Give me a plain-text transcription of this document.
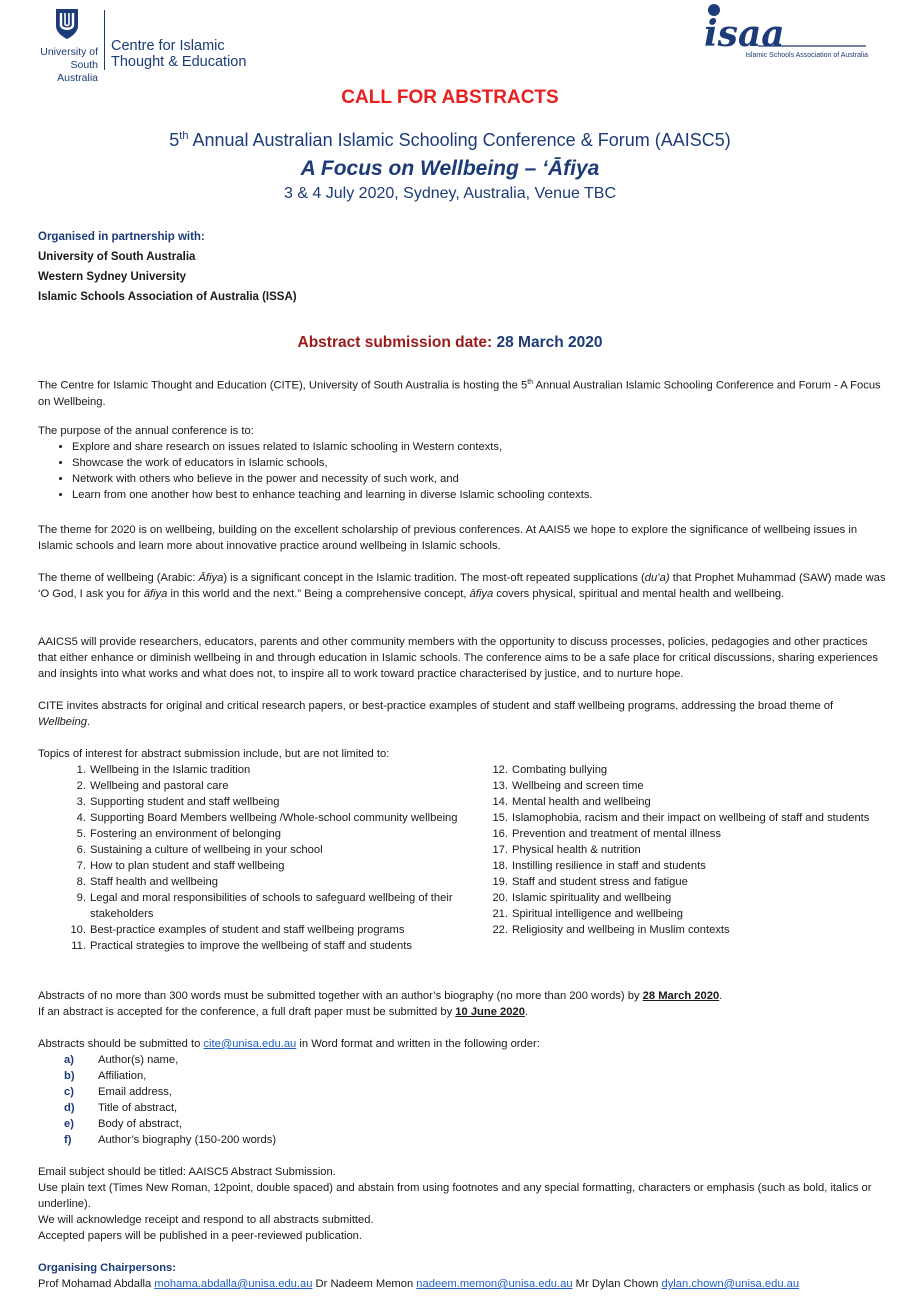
University of
South Australia
Centre for Islamic
Thought & Education
isaa
Islamic Schools Association of Australia
CALL FOR ABSTRACTS
5th Annual Australian Islamic Schooling Conference & Forum (AAISC5)
A Focus on Wellbeing – ‘Āfiya
3 & 4 July 2020, Sydney, Australia, Venue TBC
Organised in partnership with:
University of South Australia
Western Sydney University
Islamic Schools Association of Australia (ISSA)
Abstract submission date: 28 March 2020
The Centre for Islamic Thought and Education (CITE), University of South Australia is hosting the 5th Annual Australian Islamic Schooling Conference and Forum - A Focus on Wellbeing.
The purpose of the annual conference is to:
• Explore and share research on issues related to Islamic schooling in Western contexts,
• Showcase the work of educators in Islamic schools,
• Network with others who believe in the power and necessity of such work, and
• Learn from one another how best to enhance teaching and learning in diverse Islamic schooling contexts.
The theme for 2020 is on wellbeing, building on the excellent scholarship of previous conferences. At AAIS5 we hope to explore the significance of wellbeing issues in Islamic schools and learn more about innovative practice around wellbeing in Islamic schools.
The theme of wellbeing (Arabic: Āfiya) is a significant concept in the Islamic tradition. The most-oft repeated supplications (du’a) that Prophet Muhammad (SAW) made was ‘O God, I ask you for āfiya in this world and the next.” Being a comprehensive concept, āfiya covers physical, spiritual and mental health and wellbeing.
AAICS5 will provide researchers, educators, parents and other community members with the opportunity to discuss processes, policies, pedagogies and other practices that either enhance or diminish wellbeing in and through education in Islamic schools. The conference aims to be a safe place for critical discussions, sharing experiences and insights into what works and what does not, to inspire all to work toward practice characterised by justice, and to nurture hope.
CITE invites abstracts for original and critical research papers, or best-practice examples of student and staff wellbeing programs, addressing the broad theme of Wellbeing.
Topics of interest for abstract submission include, but are not limited to:
1. Wellbeing in the Islamic tradition
2. Wellbeing and pastoral care
3. Supporting student and staff wellbeing
4. Supporting Board Members wellbeing /Whole-school community wellbeing
5. Fostering an environment of belonging
6. Sustaining a culture of wellbeing in your school
7. How to plan student and staff wellbeing
8. Staff health and wellbeing
9. Legal and moral responsibilities of schools to safeguard wellbeing of their stakeholders
10. Best-practice examples of student and staff wellbeing programs
11. Practical strategies to improve the wellbeing of staff and students
12. Combating bullying
13. Wellbeing and screen time
14. Mental health and wellbeing
15. Islamophobia, racism and their impact on wellbeing of staff and students
16. Prevention and treatment of mental illness
17. Physical health & nutrition
18. Instilling resilience in staff and students
19. Staff and student stress and fatigue
20. Islamic spirituality and wellbeing
21. Spiritual intelligence and wellbeing
22. Religiosity and wellbeing in Muslim contexts
Abstracts of no more than 300 words must be submitted together with an author’s biography (no more than 200 words) by 28 March 2020.
If an abstract is accepted for the conference, a full draft paper must be submitted by 10 June 2020.
Abstracts should be submitted to cite@unisa.edu.au in Word format and written in the following order:
a) Author(s) name,
b) Affiliation,
c) Email address,
d) Title of abstract,
e) Body of abstract,
f) Author’s biography (150-200 words)
Email subject should be titled: AAISC5 Abstract Submission.
Use plain text (Times New Roman, 12point, double spaced) and abstain from using footnotes and any special formatting, characters or emphasis (such as bold, italics or underline).
We will acknowledge receipt and respond to all abstracts submitted.
Accepted papers will be published in a peer-reviewed publication.
Organising Chairpersons:
Prof Mohamad Abdalla mohama.abdalla@unisa.edu.au Dr Nadeem Memon nadeem.memon@unisa.edu.au Mr Dylan Chown dylan.chown@unisa.edu.au
